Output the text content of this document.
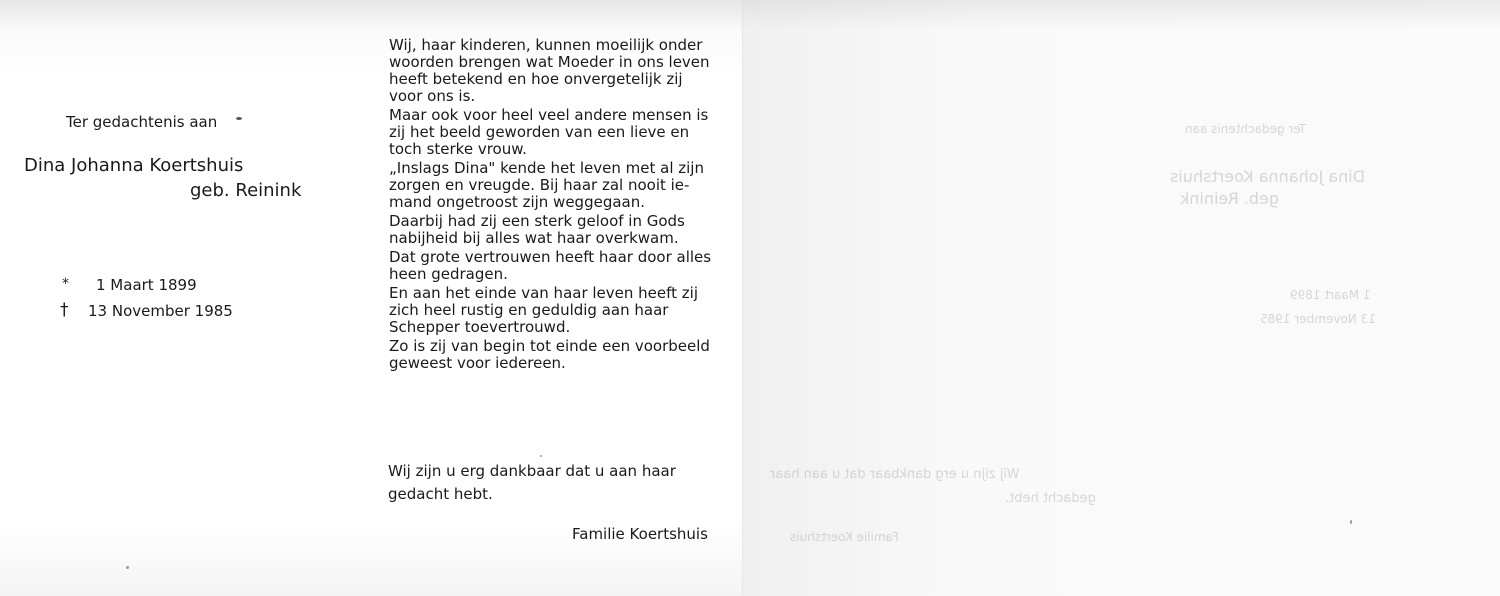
Ter gedachtenis aan
Dina Johanna Koertshuis
geb. Reinink
* 1 Maart 1899
† 13 November 1985
Wij, haar kinderen, kunnen moeilijk onder
woorden brengen wat Moeder in ons leven
heeft betekend en hoe onvergetelijk zij
voor ons is.
Maar ook voor heel veel andere mensen is
zij het beeld geworden van een lieve en
toch sterke vrouw.
„Inslags Dina" kende het leven met al zijn
zorgen en vreugde. Bij haar zal nooit ie-
mand ongetroost zijn weggegaan.
Daarbij had zij een sterk geloof in Gods
nabijheid bij alles wat haar overkwam.
Dat grote vertrouwen heeft haar door alles
heen gedragen.
En aan het einde van haar leven heeft zij
zich heel rustig en geduldig aan haar
Schepper toevertrouwd.
Zo is zij van begin tot einde een voorbeeld
geweest voor iedereen.
Wij zijn u erg dankbaar dat u aan haar
gedacht hebt.
Familie Koertshuis
Ter gedachtenis aan
Dina Johanna Koertshuis
geb. Reinink
1 Maart 1899
13 November 1985
Wij zijn u erg dankbaar dat u aan haar
gedacht hebt.
Familie Koertshuis
